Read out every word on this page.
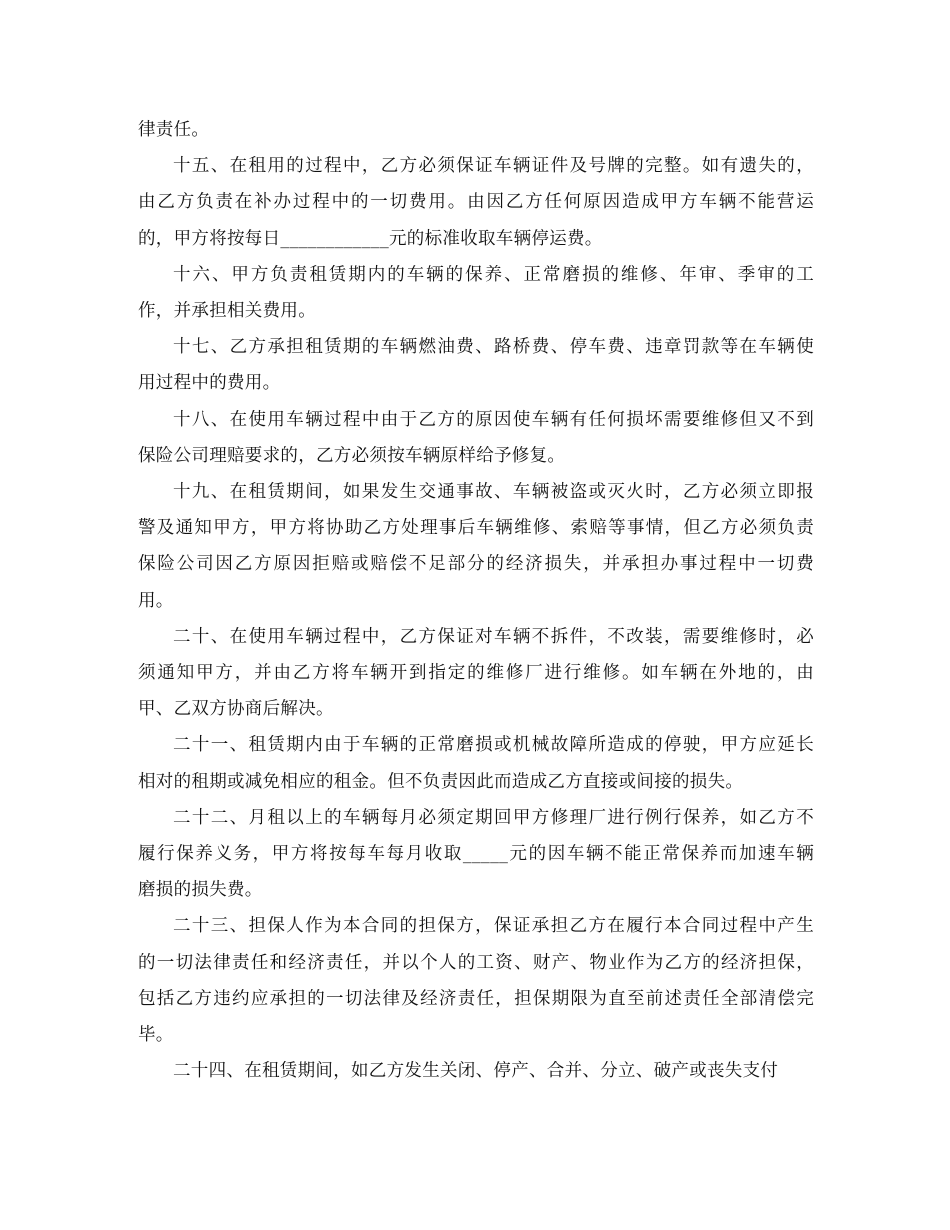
律责任。

十五、在租用的过程中，乙方必须保证车辆证件及号牌的完整。如有遗失的，
由乙方负责在补办过程中的一切费用。由因乙方任何原因造成甲方车辆不能营运
的，甲方将按每日____________元的标准收取车辆停运费。

十六、甲方负责租赁期内的车辆的保养、正常磨损的维修、年审、季审的工
作，并承担相关费用。

十七、乙方承担租赁期的车辆燃油费、路桥费、停车费、违章罚款等在车辆使
用过程中的费用。

十八、在使用车辆过程中由于乙方的原因使车辆有任何损坏需要维修但又不到
保险公司理赔要求的，乙方必须按车辆原样给予修复。

十九、在租赁期间，如果发生交通事故、车辆被盗或灭火时，乙方必须立即报
警及通知甲方，甲方将协助乙方处理事后车辆维修、索赔等事情，但乙方必须负责
保险公司因乙方原因拒赔或赔偿不足部分的经济损失，并承担办事过程中一切费
用。

二十、在使用车辆过程中，乙方保证对车辆不拆件，不改装，需要维修时，必
须通知甲方，并由乙方将车辆开到指定的维修厂进行维修。如车辆在外地的，由
甲、乙双方协商后解决。

二十一、租赁期内由于车辆的正常磨损或机械故障所造成的停驶，甲方应延长
相对的租期或减免相应的租金。但不负责因此而造成乙方直接或间接的损失。

二十二、月租以上的车辆每月必须定期回甲方修理厂进行例行保养，如乙方不
履行保养义务，甲方将按每车每月收取_____元的因车辆不能正常保养而加速车辆
磨损的损失费。

二十三、担保人作为本合同的担保方，保证承担乙方在履行本合同过程中产生
的一切法律责任和经济责任，并以个人的工资、财产、物业作为乙方的经济担保，
包括乙方违约应承担的一切法律及经济责任，担保期限为直至前述责任全部清偿完
毕。

二十四、在租赁期间，如乙方发生关闭、停产、合并、分立、破产或丧失支付
